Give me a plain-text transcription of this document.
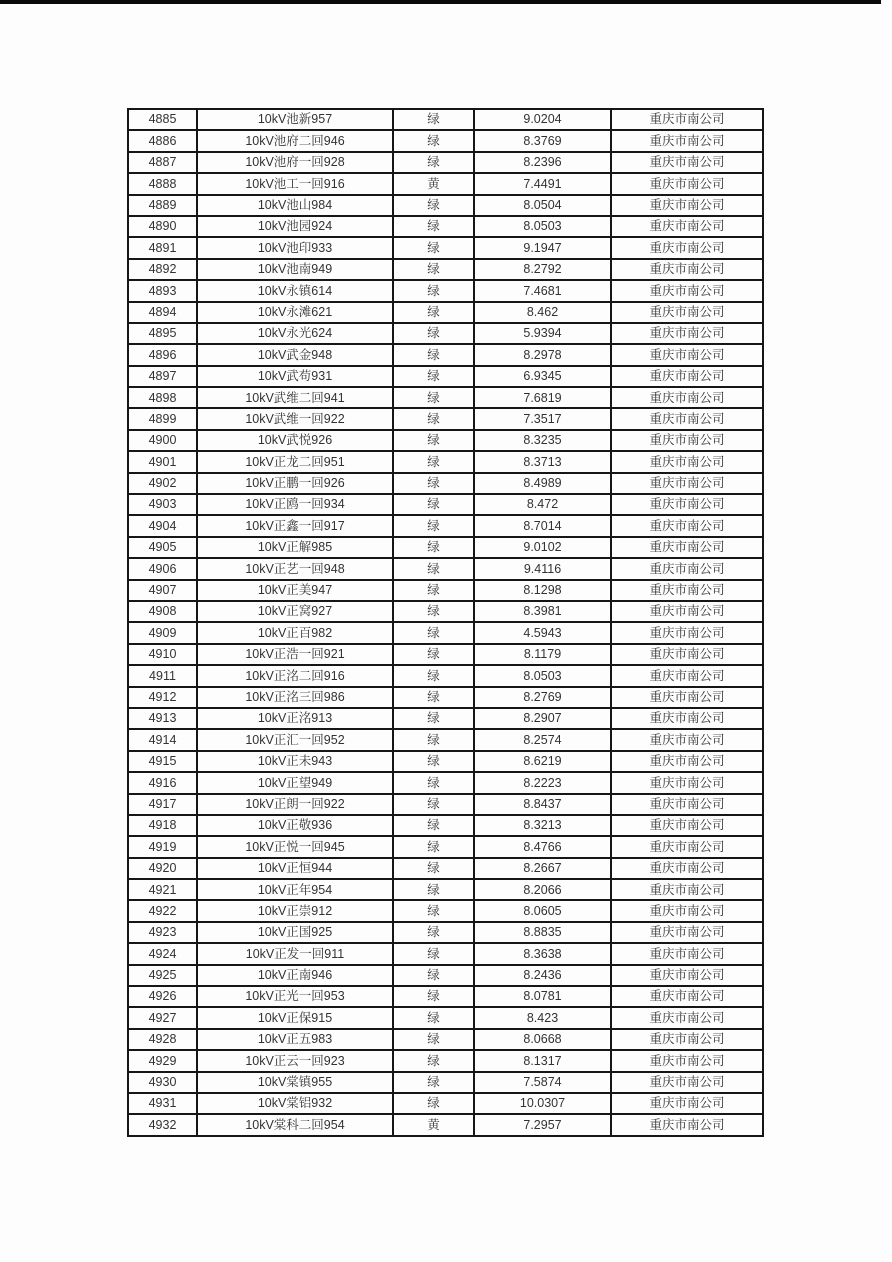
4885	10kV池新957	绿	9.0204	重庆市南公司
4886	10kV池府二回946	绿	8.3769	重庆市南公司
4887	10kV池府一回928	绿	8.2396	重庆市南公司
4888	10kV池工一回916	黄	7.4491	重庆市南公司
4889	10kV池山984	绿	8.0504	重庆市南公司
4890	10kV池园924	绿	8.0503	重庆市南公司
4891	10kV池印933	绿	9.1947	重庆市南公司
4892	10kV池南949	绿	8.2792	重庆市南公司
4893	10kV永镇614	绿	7.4681	重庆市南公司
4894	10kV永滩621	绿	8.462	重庆市南公司
4895	10kV永光624	绿	5.9394	重庆市南公司
4896	10kV武金948	绿	8.2978	重庆市南公司
4897	10kV武苟931	绿	6.9345	重庆市南公司
4898	10kV武维二回941	绿	7.6819	重庆市南公司
4899	10kV武维一回922	绿	7.3517	重庆市南公司
4900	10kV武悦926	绿	8.3235	重庆市南公司
4901	10kV正龙二回951	绿	8.3713	重庆市南公司
4902	10kV正鹏一回926	绿	8.4989	重庆市南公司
4903	10kV正鸥一回934	绿	8.472	重庆市南公司
4904	10kV正鑫一回917	绿	8.7014	重庆市南公司
4905	10kV正解985	绿	9.0102	重庆市南公司
4906	10kV正艺一回948	绿	9.4116	重庆市南公司
4907	10kV正美947	绿	8.1298	重庆市南公司
4908	10kV正窝927	绿	8.3981	重庆市南公司
4909	10kV正百982	绿	4.5943	重庆市南公司
4910	10kV正浩一回921	绿	8.1179	重庆市南公司
4911	10kV正洺二回916	绿	8.0503	重庆市南公司
4912	10kV正洺三回986	绿	8.2769	重庆市南公司
4913	10kV正洺913	绿	8.2907	重庆市南公司
4914	10kV正汇一回952	绿	8.2574	重庆市南公司
4915	10kV正未943	绿	8.6219	重庆市南公司
4916	10kV正望949	绿	8.2223	重庆市南公司
4917	10kV正朗一回922	绿	8.8437	重庆市南公司
4918	10kV正敬936	绿	8.3213	重庆市南公司
4919	10kV正悦一回945	绿	8.4766	重庆市南公司
4920	10kV正恒944	绿	8.2667	重庆市南公司
4921	10kV正年954	绿	8.2066	重庆市南公司
4922	10kV正崇912	绿	8.0605	重庆市南公司
4923	10kV正国925	绿	8.8835	重庆市南公司
4924	10kV正发一回911	绿	8.3638	重庆市南公司
4925	10kV正南946	绿	8.2436	重庆市南公司
4926	10kV正光一回953	绿	8.0781	重庆市南公司
4927	10kV正保915	绿	8.423	重庆市南公司
4928	10kV正五983	绿	8.0668	重庆市南公司
4929	10kV正云一回923	绿	8.1317	重庆市南公司
4930	10kV棠镇955	绿	7.5874	重庆市南公司
4931	10kV棠铝932	绿	10.0307	重庆市南公司
4932	10kV棠科二回954	黄	7.2957	重庆市南公司
